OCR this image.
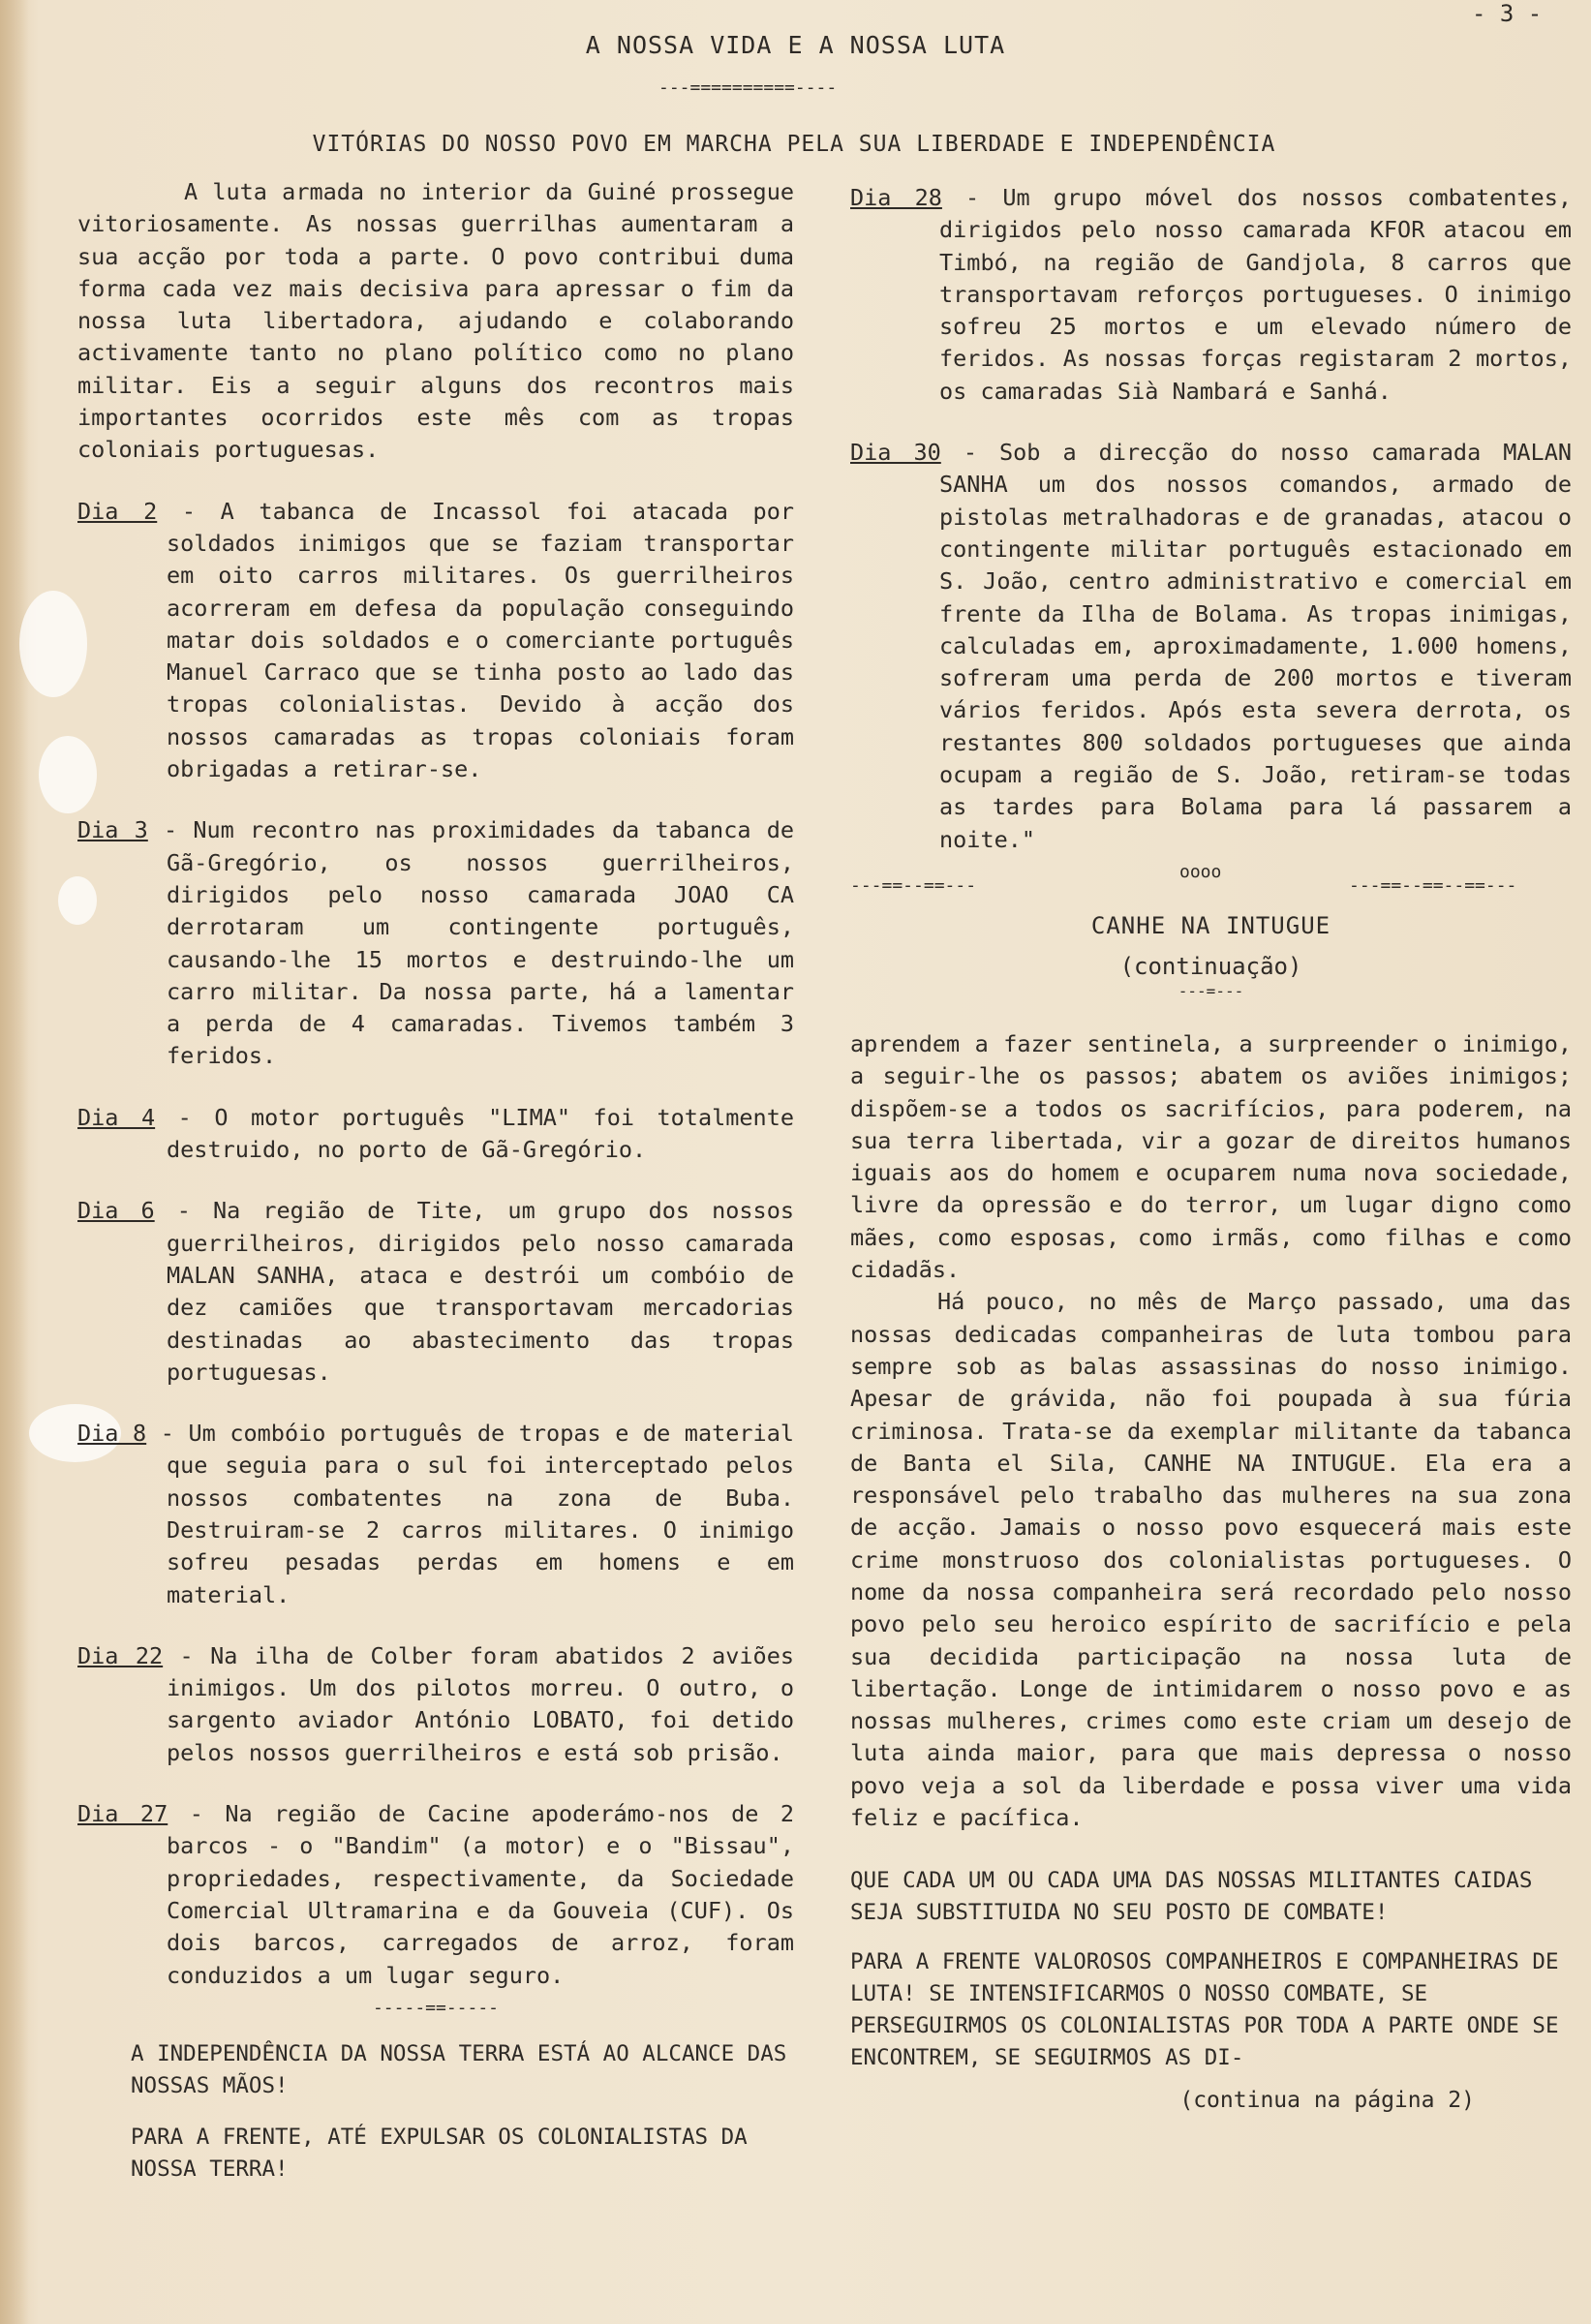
- 3 -
A NOSSA VIDA E A NOSSA LUTA
---==========----
VITÓRIAS DO NOSSO POVO EM MARCHA PELA SUA LIBERDADE E INDEPENDÊNCIA

A luta armada no interior da Guiné prossegue vitoriosamente. As nossas guerrilhas aumentaram a sua acção por toda a parte. O povo contribui duma forma cada vez mais decisiva para apressar o fim da nossa luta libertadora, ajudando e colaborando activamente tanto no plano político como no plano militar. Eis a seguir alguns dos recontros mais importantes ocorridos este mês com as tropas coloniais portuguesas.

Dia 2 - A tabanca de Incassol foi atacada por soldados inimigos que se faziam transportar em oito carros militares. Os guerrilheiros acorreram em defesa da população conseguindo matar dois soldados e o comerciante português Manuel Carraco que se tinha posto ao lado das tropas colonialistas. Devido à acção dos nossos camaradas as tropas coloniais foram obrigadas a retirar-se.

Dia 3 - Num recontro nas proximidades da tabanca de Gã-Gregório, os nossos guerrilheiros, dirigidos pelo nosso camarada JOAO CA derrotaram um contingente português, causando-lhe 15 mortos e destruindo-lhe um carro militar. Da nossa parte, há a lamentar a perda de 4 camaradas. Tivemos também 3 feridos.

Dia 4 - O motor português "LIMA" foi totalmente destruido, no porto de Gã-Gregório.

Dia 6 - Na região de Tite, um grupo dos nossos guerrilheiros, dirigidos pelo nosso camarada MALAN SANHA, ataca e destrói um combóio de dez camiões que transportavam mercadorias destinadas ao abastecimento das tropas portuguesas.

Dia 8 - Um combóio português de tropas e de material que seguia para o sul foi interceptado pelos nossos combatentes na zona de Buba. Destruiram-se 2 carros militares. O inimigo sofreu pesadas perdas em homens e em material.

Dia 22 - Na ilha de Colber foram abatidos 2 aviões inimigos. Um dos pilotos morreu. O outro, o sargento aviador António LOBATO, foi detido pelos nossos guerrilheiros e está sob prisão.

Dia 27 - Na região de Cacine apoderámo-nos de 2 barcos - o "Bandim" (a motor) e o "Bissau", propriedades, respectivamente, da Sociedade Comercial Ultramarina e da Gouveia (CUF). Os dois barcos, carregados de arroz, foram conduzidos a um lugar seguro.

-----==-----

A INDEPENDÊNCIA DA NOSSA TERRA ESTÁ AO ALCANCE DAS NOSSAS MÃOS!

PARA A FRENTE, ATÉ EXPULSAR OS COLONIALISTAS DA NOSSA TERRA!

Dia 28 - Um grupo móvel dos nossos combatentes, dirigidos pelo nosso camarada KFOR atacou em Timbó, na região de Gandjola, 8 carros que transportavam reforços portugueses. O inimigo sofreu 25 mortos e um elevado número de feridos. As nossas forças registaram 2 mortos, os camaradas Sià Nambará e Sanhá.

Dia 30 - Sob a direcção do nosso camarada MALAN SANHA um dos nossos comandos, armado de pistolas metralhadoras e de granadas, atacou o contingente militar português estacionado em S. João, centro administrativo e comercial em frente da Ilha de Bolama. As tropas inimigas, calculadas em, aproximadamente, 1.000 homens, sofreram uma perda de 200 mortos e tiveram vários feridos. Após esta severa derrota, os restantes 800 soldados portugueses que ainda ocupam a região de S. João, retiram-se todas as tardes para Bolama para lá passarem a noite."

---==--==---
oooo
---==--==--==---
CANHE NA INTUGUE
(continuação)
---=---

aprendem a fazer sentinela, a surpreender o inimigo, a seguir-lhe os passos; abatem os aviões inimigos; dispõem-se a todos os sacrifícios, para poderem, na sua terra libertada, vir a gozar de direitos humanos iguais aos do homem e ocuparem numa nova sociedade, livre da opressão e do terror, um lugar digno como mães, como esposas, como irmãs, como filhas e como cidadãs.

Há pouco, no mês de Março passado, uma das nossas dedicadas companheiras de luta tombou para sempre sob as balas assassinas do nosso inimigo. Apesar de grávida, não foi poupada à sua fúria criminosa. Trata-se da exemplar militante da tabanca de Banta el Sila, CANHE NA INTUGUE. Ela era a responsável pelo trabalho das mulheres na sua zona de acção. Jamais o nosso povo esquecerá mais este crime monstruoso dos colonialistas portugueses. O nome da nossa companheira será recordado pelo nosso povo pelo seu heroico espírito de sacrifício e pela sua decidida participação na nossa luta de libertação. Longe de intimidarem o nosso povo e as nossas mulheres, crimes como este criam um desejo de luta ainda maior, para que mais depressa o nosso povo veja a sol da liberdade e possa viver uma vida feliz e pacífica.

QUE CADA UM OU CADA UMA DAS NOSSAS MILITANTES CAIDAS SEJA SUBSTITUIDA NO SEU POSTO DE COMBATE!

PARA A FRENTE VALOROSOS COMPANHEIROS E COMPANHEIRAS DE LUTA! SE INTENSIFICARMOS O NOSSO COMBATE, SE PERSEGUIRMOS OS COLONIALISTAS POR TODA A PARTE ONDE SE ENCONTREM, SE SEGUIRMOS AS DI-

(continua na página 2)
